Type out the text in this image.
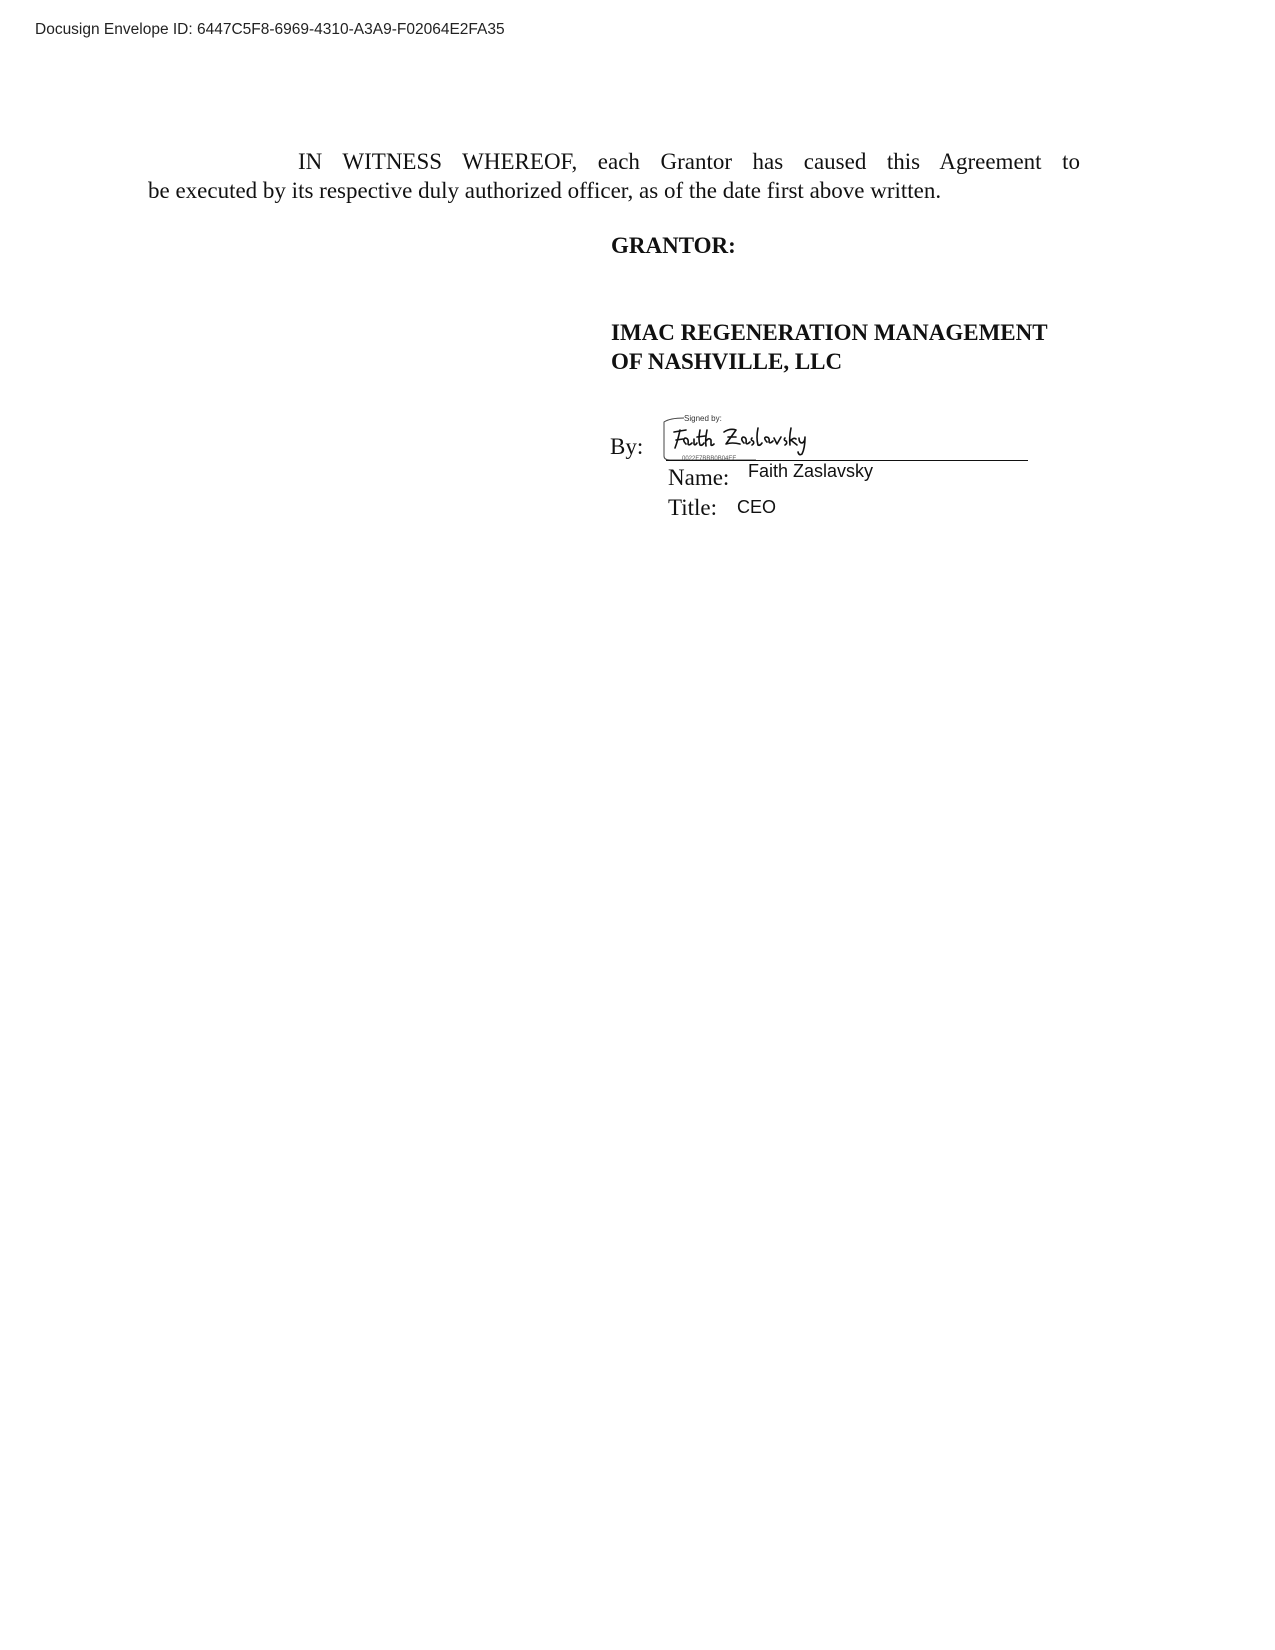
Docusign Envelope ID: 6447C5F8-6969-4310-A3A9-F02064E2FA35
IN WITNESS WHEREOF, each Grantor has caused this Agreement to
be executed by its respective duly authorized officer, as of the date first above written.
GRANTOR:
IMAC REGENERATION MANAGEMENT
OF NASHVILLE, LLC
By:	0022F7BBB0B04EE
Signed by:
Name: Faith Zaslavsky
Title: CEO
